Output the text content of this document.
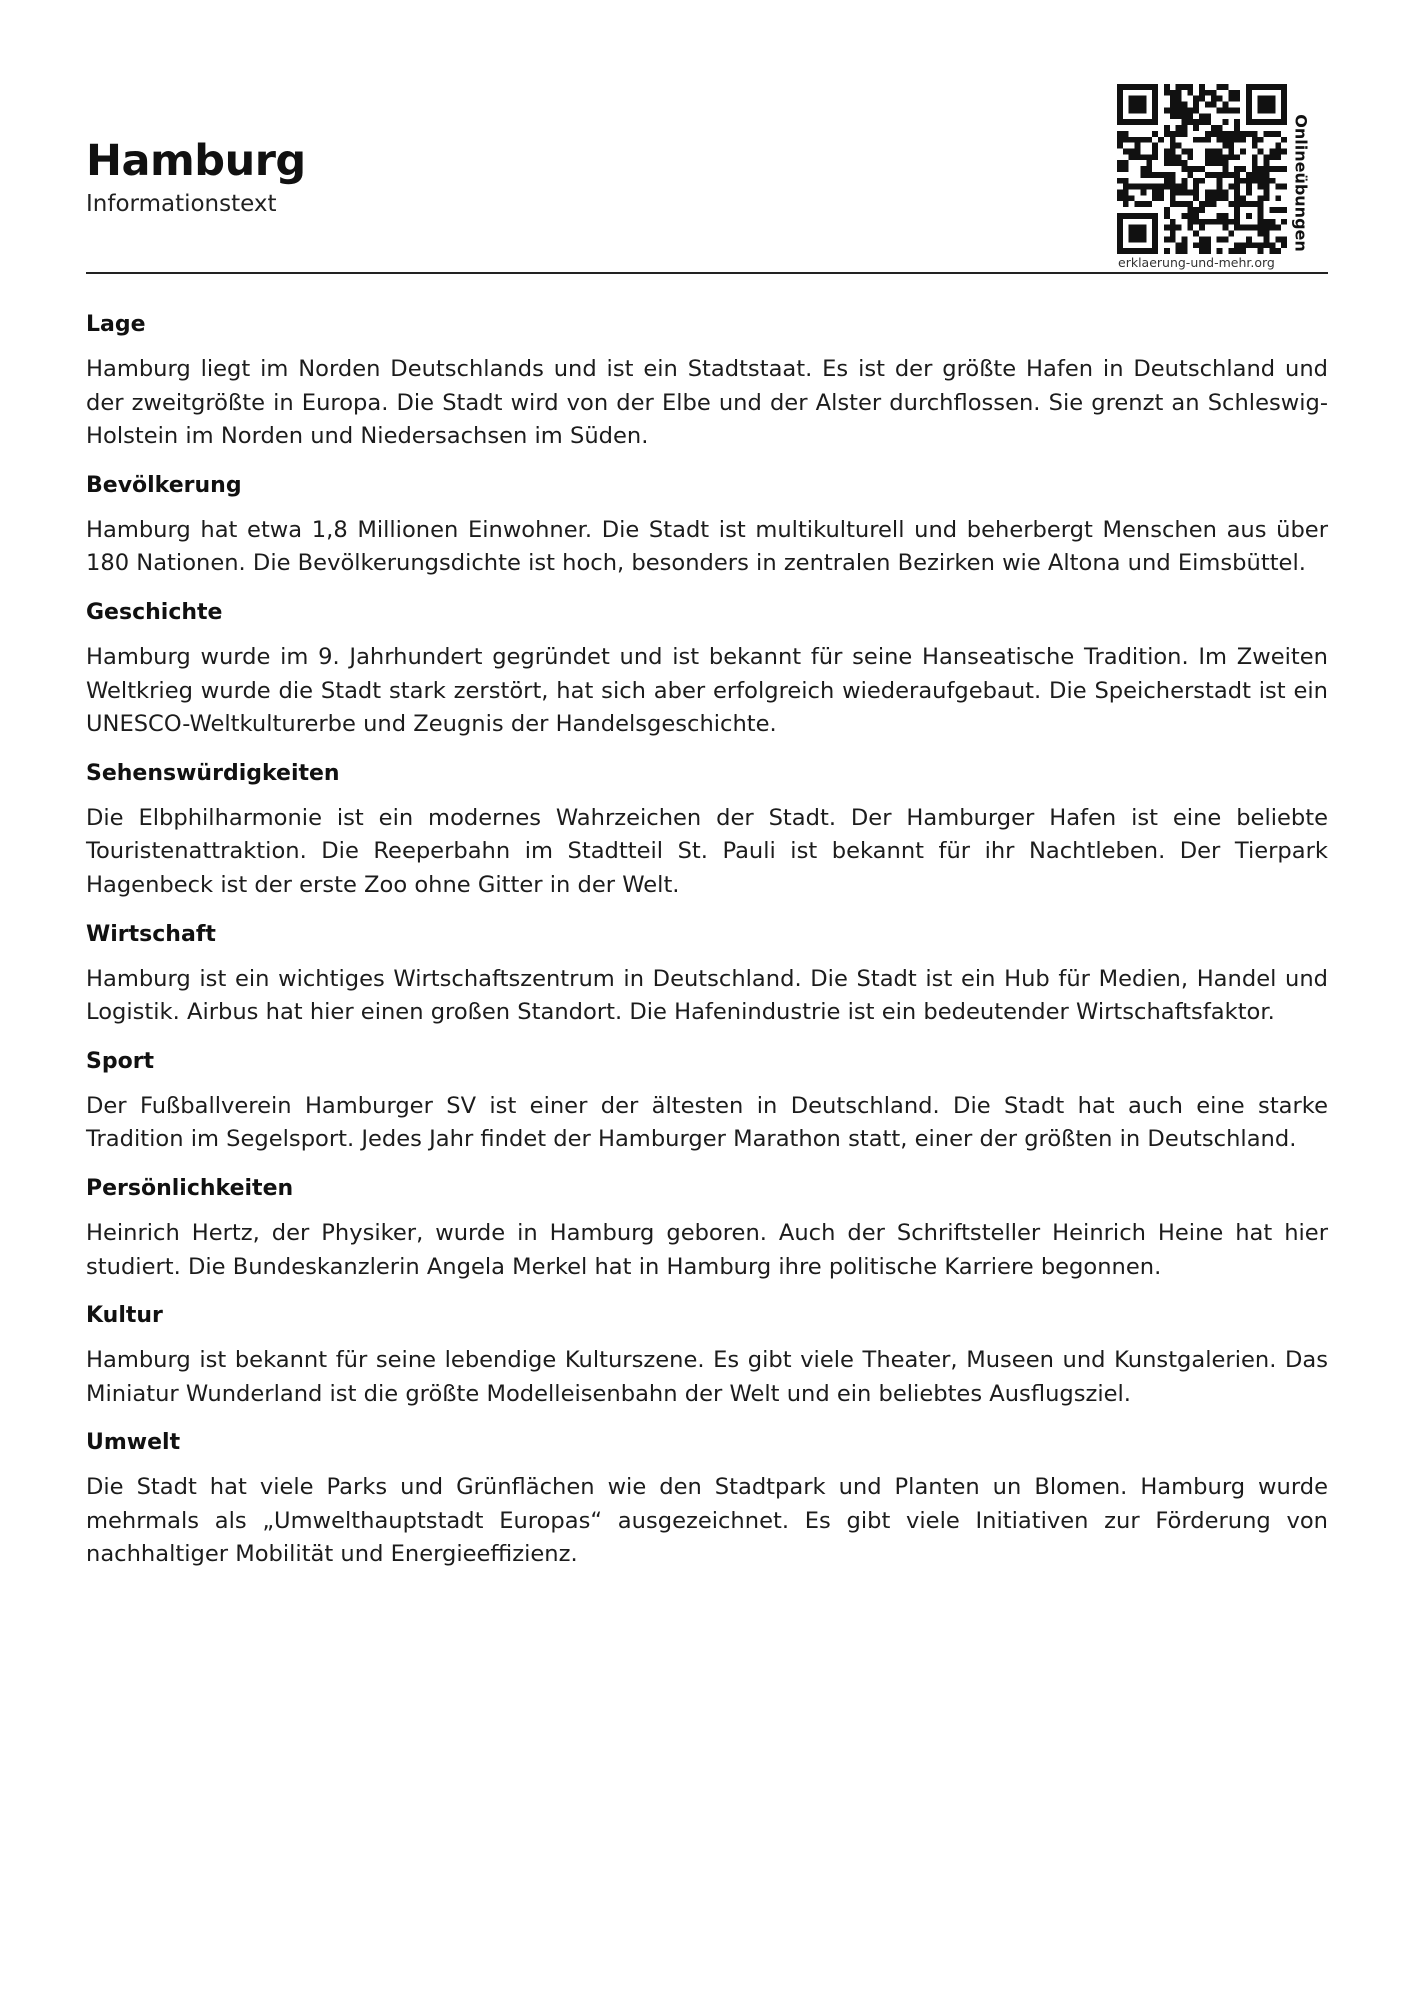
Hamburg
Informationstext	Onlineübungen
erklaerung-und-mehr.org
Lage

Hamburg liegt im Norden Deutschlands und ist ein Stadtstaat. Es ist der größte Hafen in Deutschland und der zweitgrößte in Europa. Die Stadt wird von der Elbe und der Alster durchflossen. Sie grenzt an Schleswig-Holstein im Norden und Niedersachsen im Süden.

Bevölkerung

Hamburg hat etwa 1,8 Millionen Einwohner. Die Stadt ist multikulturell und beherbergt Menschen aus über 180 Nationen. Die Bevölkerungsdichte ist hoch, besonders in zentralen Bezirken wie Altona und Eimsbüttel.

Geschichte

Hamburg wurde im 9. Jahrhundert gegründet und ist bekannt für seine Hanseatische Tradition. Im Zweiten Weltkrieg wurde die Stadt stark zerstört, hat sich aber erfolgreich wiederaufgebaut. Die Speicherstadt ist ein UNESCO-Weltkulturerbe und Zeugnis der Handelsgeschichte.

Sehenswürdigkeiten

Die Elbphilharmonie ist ein modernes Wahrzeichen der Stadt. Der Hamburger Hafen ist eine beliebte Touristenattraktion. Die Reeperbahn im Stadtteil St. Pauli ist bekannt für ihr Nachtleben. Der Tierpark Hagenbeck ist der erste Zoo ohne Gitter in der Welt.

Wirtschaft

Hamburg ist ein wichtiges Wirtschaftszentrum in Deutschland. Die Stadt ist ein Hub für Medien, Handel und Logistik. Airbus hat hier einen großen Standort. Die Hafenindustrie ist ein bedeutender Wirtschaftsfaktor.

Sport

Der Fußballverein Hamburger SV ist einer der ältesten in Deutschland. Die Stadt hat auch eine starke Tradition im Segelsport. Jedes Jahr findet der Hamburger Marathon statt, einer der größten in Deutschland.

Persönlichkeiten

Heinrich Hertz, der Physiker, wurde in Hamburg geboren. Auch der Schriftsteller Heinrich Heine hat hier studiert. Die Bundeskanzlerin Angela Merkel hat in Hamburg ihre politische Karriere begonnen.

Kultur

Hamburg ist bekannt für seine lebendige Kulturszene. Es gibt viele Theater, Museen und Kunstgalerien. Das Miniatur Wunderland ist die größte Modelleisenbahn der Welt und ein beliebtes Ausflugsziel.

Umwelt

Die Stadt hat viele Parks und Grünflächen wie den Stadtpark und Planten un Blomen. Hamburg wurde mehrmals als „Umwelthauptstadt Europas“ ausgezeichnet. Es gibt viele Initiativen zur Förderung von nachhaltiger Mobilität und Energieeffizienz.
